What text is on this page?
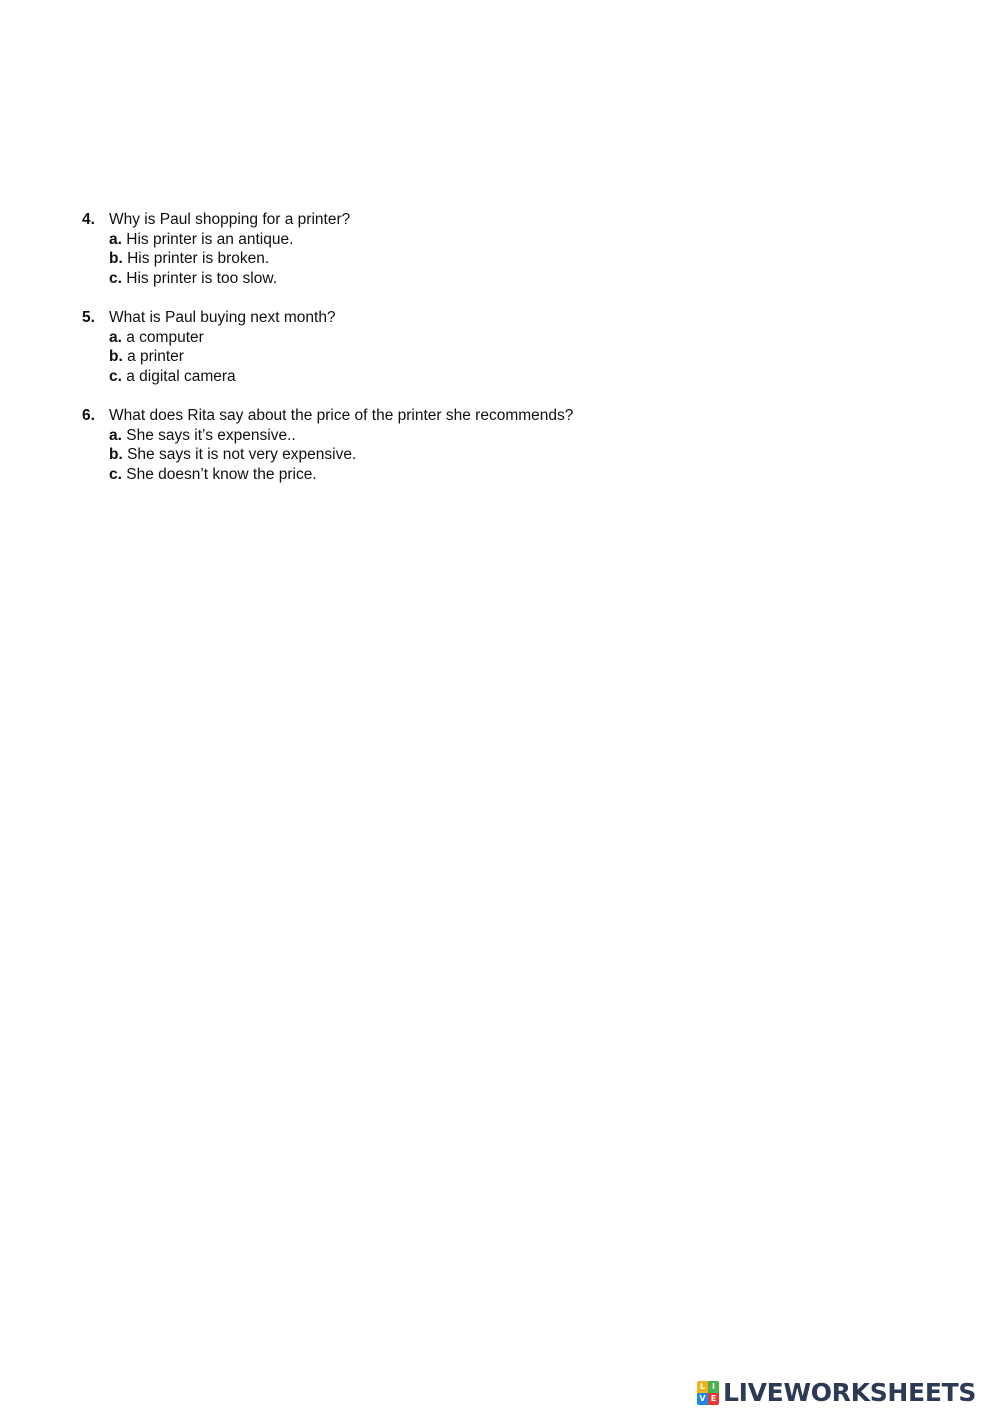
4. Why is Paul shopping for a printer?
a. His printer is an antique.
b. His printer is broken.
c. His printer is too slow.
5. What is Paul buying next month?
a. a computer
b. a printer
c. a digital camera
6. What does Rita say about the price of the printer she recommends?
a. She says it’s expensive..
b. She says it is not very expensive.
c. She doesn’t know the price.
L I
V E LIVEWORKSHEETS
